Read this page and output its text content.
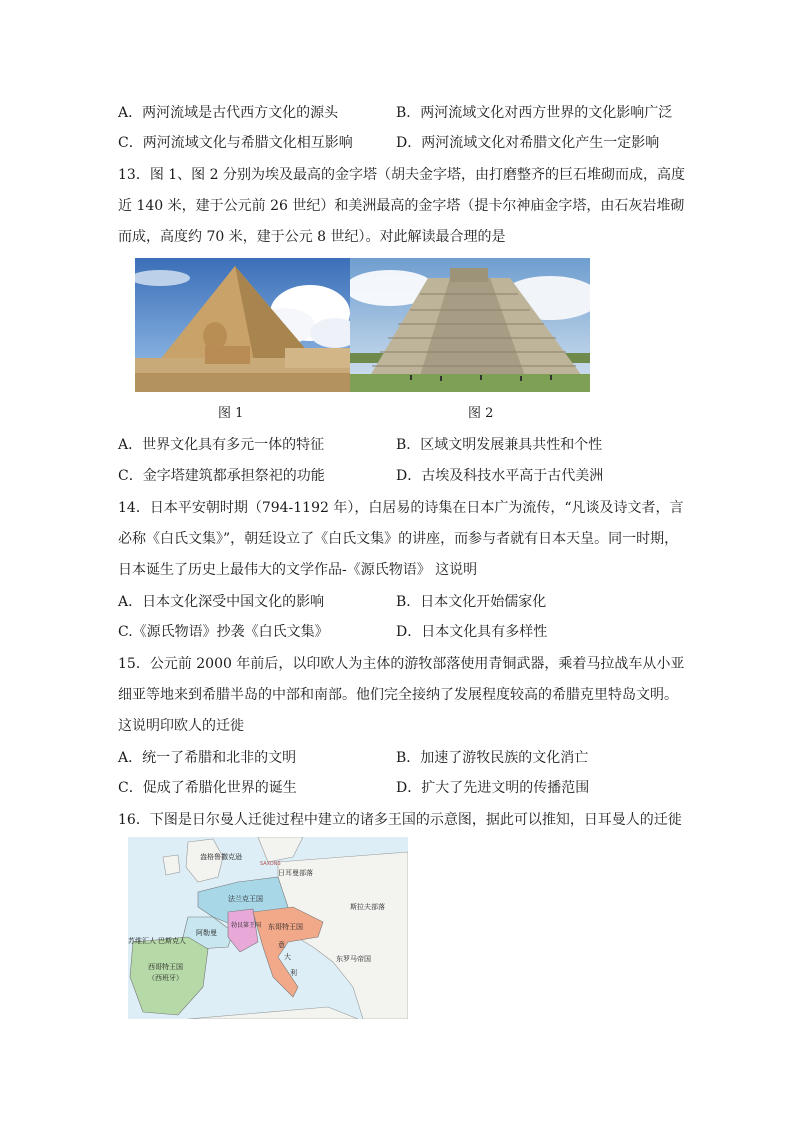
A．两河流域是古代西方文化的源头	B．两河流域文化对西方世界的文化影响广泛
C．两河流域文化与希腊文化相互影响	D．两河流域文化对希腊文化产生一定影响
13．图 1、图 2 分别为埃及最高的金字塔（胡夫金字塔，由打磨整齐的巨石堆砌而成，高度
近 140 米，建于公元前 26 世纪）和美洲最高的金字塔（提卡尔神庙金字塔，由石灰岩堆砌
而成，高度约 70 米，建于公元 8 世纪）。对此解读最合理的是
图 1	图 2
A．世界文化具有多元一体的特征	B．区域文明发展兼具共性和个性
C．金字塔建筑都承担祭祀的功能	D．古埃及科技水平高于古代美洲
14．日本平安朝时期（794-1192 年），白居易的诗集在日本广为流传，“凡谈及诗文者，言
必称《白氏文集》”，朝廷设立了《白氏文集》的讲座，而参与者就有日本天皇。同一时期，
日本诞生了历史上最伟大的文学作品-《源氏物语》 这说明
A．日本文化深受中国文化的影响	B．日本文化开始儒家化
C.《源氏物语》抄袭《白氏文集》	D．日本文化具有多样性
15．公元前 2000 年前后，以印欧人为主体的游牧部落使用青铜武器，乘着马拉战车从小亚
细亚等地来到希腊半岛的中部和南部。他们完全接纳了发展程度较高的希腊克里特岛文明。
这说明印欧人的迁徙
A．统一了希腊和北非的文明	B．加速了游牧民族的文化消亡
C．促成了希腊化世界的诞生	D．扩大了先进文明的传播范围
16．下图是日尔曼人迁徙过程中建立的诸多王国的示意图，据此可以推知，日耳曼人的迁徙
盎格鲁撒克逊
SAXONS
日耳曼部落
法兰克王国
斯拉夫部落
勃艮第王国
阿勒曼
东哥特王国
苏维汇人 巴斯克人
西哥特王国
（西班牙）
意
大
利
东罗马帝国
